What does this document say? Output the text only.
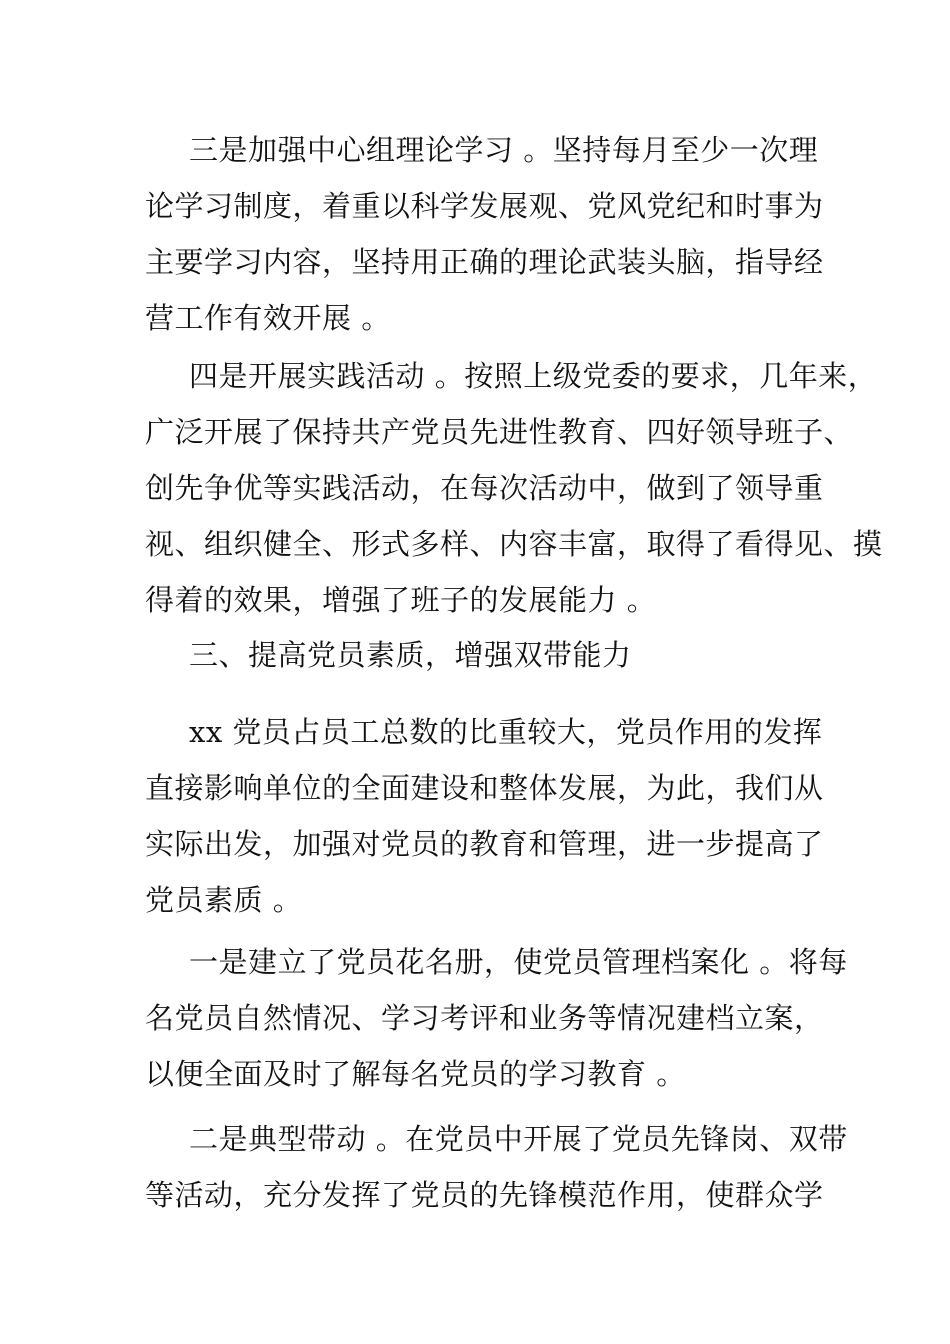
三是加强中心组理论学习 。坚持每月至少一次理
论学习制度，着重以科学发展观、党风党纪和时事为
主要学习内容，坚持用正确的理论武装头脑，指导经
营工作有效开展 。
四是开展实践活动 。按照上级党委的要求，几年来，
广泛开展了保持共产党员先进性教育、四好领导班子、
创先争优等实践活动，在每次活动中，做到了领导重
视、组织健全、形式多样、内容丰富，取得了看得见、摸
得着的效果，增强了班子的发展能力 。
三、提高党员素质，增强双带能力
xx 党员占员工总数的比重较大，党员作用的发挥
直接影响单位的全面建设和整体发展，为此，我们从
实际出发，加强对党员的教育和管理，进一步提高了
党员素质 。
一是建立了党员花名册，使党员管理档案化 。将每
名党员自然情况、学习考评和业务等情况建档立案，
以便全面及时了解每名党员的学习教育 。
二是典型带动 。在党员中开展了党员先锋岗、双带
等活动，充分发挥了党员的先锋模范作用，使群众学
